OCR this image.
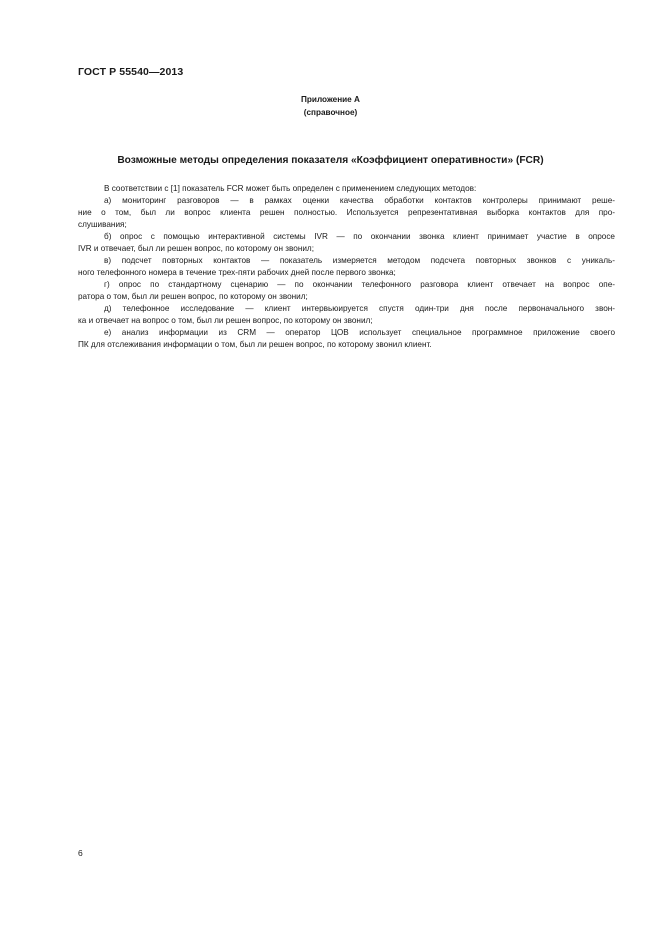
ГОСТ Р 55540—2013
Приложение А
(справочное)
Возможные методы определения показателя «Коэффициент оперативности» (FCR)
В соответствии с [1] показатель FCR может быть определен с применением следующих методов:
а) мониторинг разговоров — в рамках оценки качества обработки контактов контролеры принимают реше-
ние о том, был ли вопрос клиента решен полностью. Используется репрезентативная выборка контактов для про-
слушивания;
б) опрос с помощью интерактивной системы IVR — по окончании звонка клиент принимает участие в опросе
IVR и отвечает, был ли решен вопрос, по которому он звонил;
в) подсчет повторных контактов — показатель измеряется методом подсчета повторных звонков с уникаль-
ного телефонного номера в течение трех-пяти рабочих дней после первого звонка;
г) опрос по стандартному сценарию — по окончании телефонного разговора клиент отвечает на вопрос опе-
ратора о том, был ли решен вопрос, по которому он звонил;
д) телефонное исследование — клиент интервьюируется спустя один-три дня после первоначального звон-
ка и отвечает на вопрос о том, был ли решен вопрос, по которому он звонил;
е) анализ информации из CRM — оператор ЦОВ использует специальное программное приложение своего
ПК для отслеживания информации о том, был ли решен вопрос, по которому звонил клиент.
6
